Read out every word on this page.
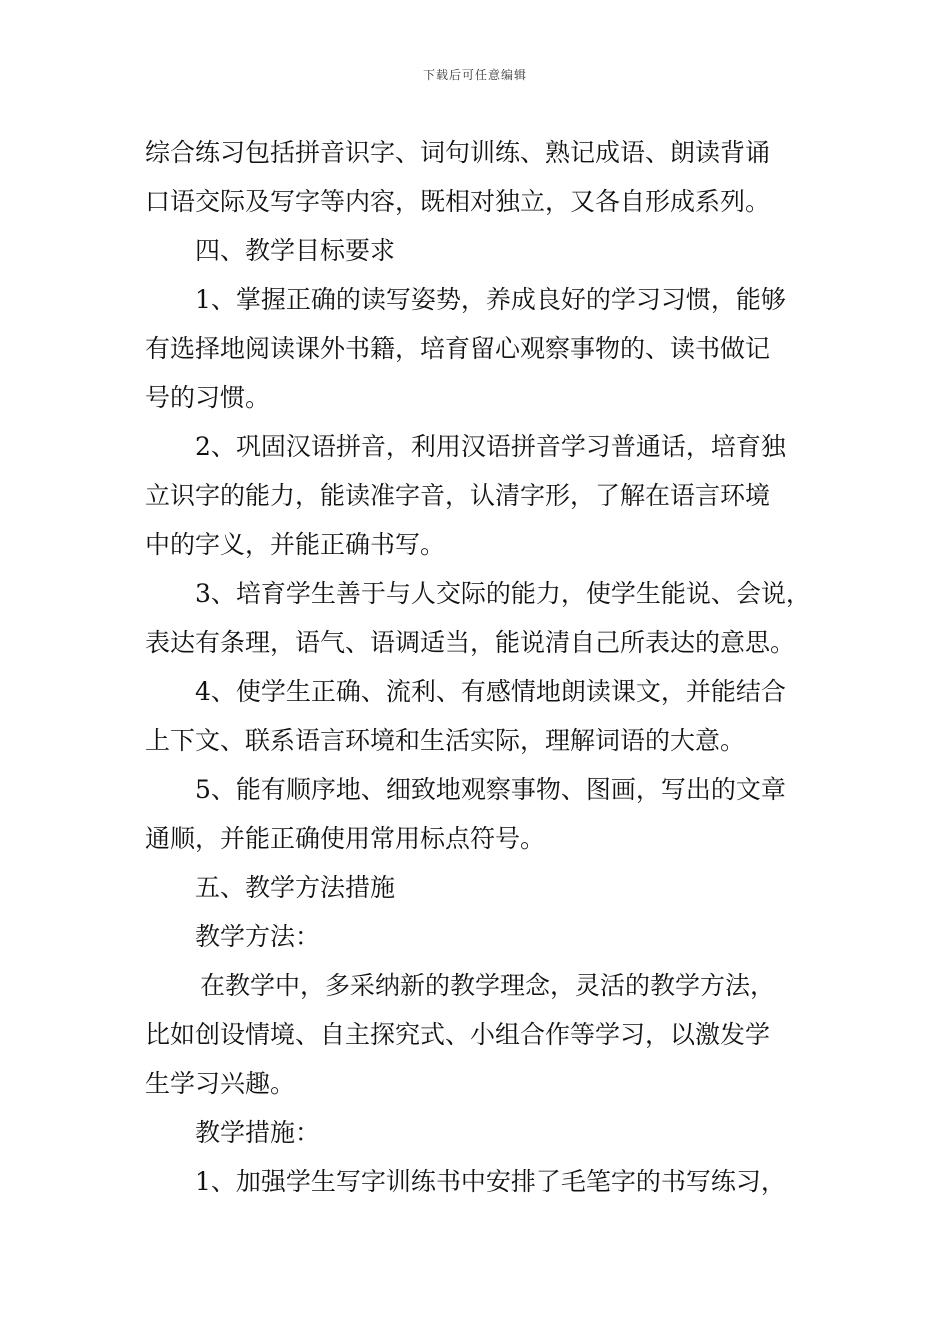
下载后可任意编辑
综合练习包括拼音识字、词句训练、熟记成语、朗读背诵
口语交际及写字等内容，既相对独立，又各自形成系列。
四、教学目标要求
1、掌握正确的读写姿势，养成良好的学习习惯，能够
有选择地阅读课外书籍，培育留心观察事物的、读书做记
号的习惯。
2、巩固汉语拼音，利用汉语拼音学习普通话，培育独
立识字的能力，能读准字音，认清字形，了解在语言环境
中的字义，并能正确书写。
3、培育学生善于与人交际的能力，使学生能说、会说，
表达有条理，语气、语调适当，能说清自己所表达的意思。
4、使学生正确、流利、有感情地朗读课文，并能结合
上下文、联系语言环境和生活实际，理解词语的大意。
5、能有顺序地、细致地观察事物、图画，写出的文章
通顺，并能正确使用常用标点符号。
五、教学方法措施
教学方法：
在教学中，多采纳新的教学理念，灵活的教学方法，
比如创设情境、自主探究式、小组合作等学习，以激发学
生学习兴趣。
教学措施：
1、加强学生写字训练书中安排了毛笔字的书写练习，
